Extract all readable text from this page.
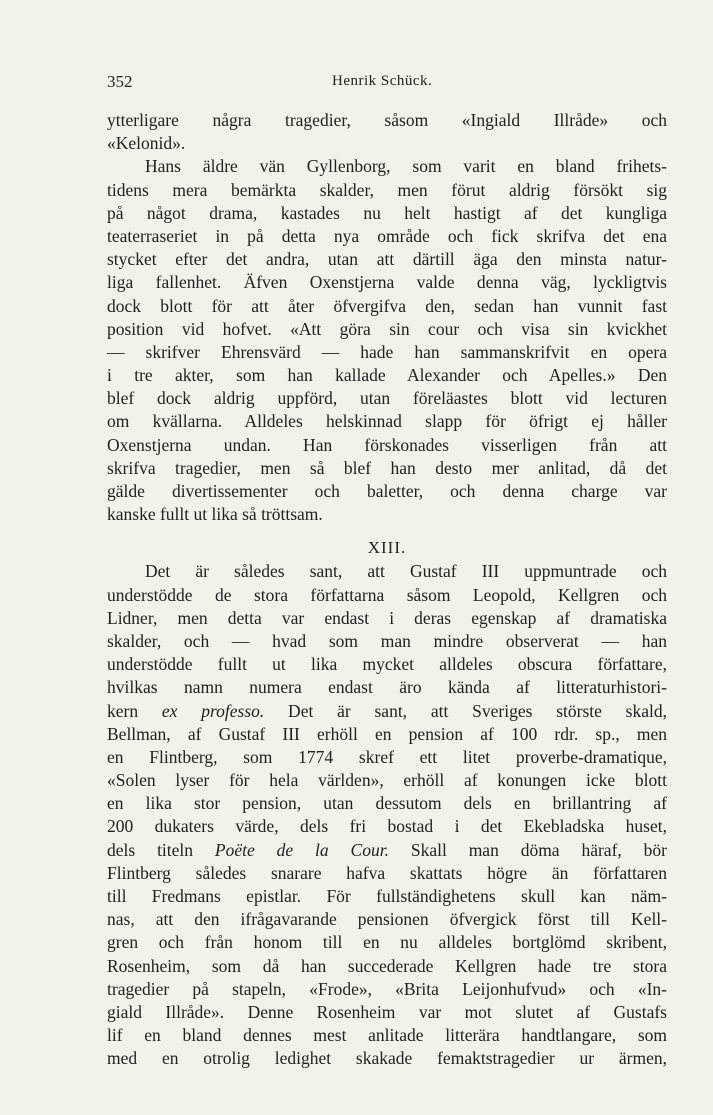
352	Henrik Schück.
ytterligare några tragedier, såsom «Ingiald Illråde» och
«Kelonid».
Hans äldre vän Gyllenborg, som varit en bland frihets-
tidens mera bemärkta skalder, men förut aldrig försökt sig
på något drama, kastades nu helt hastigt af det kungliga
teaterraseriet in på detta nya område och fick skrifva det ena
stycket efter det andra, utan att därtill äga den minsta natur-
liga fallenhet. Äfven Oxenstjerna valde denna väg, lyckligtvis
dock blott för att åter öfvergifva den, sedan han vunnit fast
position vid hofvet. «Att göra sin cour och visa sin kvickhet
— skrifver Ehrensvärd — hade han sammanskrifvit en opera
i tre akter, som han kallade Alexander och Apelles.» Den
blef dock aldrig uppförd, utan föreläastes blott vid lecturen
om kvällarna. Alldeles helskinnad slapp för öfrigt ej håller
Oxenstjerna undan. Han förskonades visserligen från att
skrifva tragedier, men så blef han desto mer anlitad, då det
gälde divertissementer och baletter, och denna charge var
kanske fullt ut lika så tröttsam.
XIII.
Det är således sant, att Gustaf III uppmuntrade och
understödde de stora författarna såsom Leopold, Kellgren och
Lidner, men detta var endast i deras egenskap af dramatiska
skalder, och — hvad som man mindre observerat — han
understödde fullt ut lika mycket alldeles obscura författare,
hvilkas namn numera endast äro kända af litteraturhistori-
kern ex professo. Det är sant, att Sveriges störste skald,
Bellman, af Gustaf III erhöll en pension af 100 rdr. sp., men
en Flintberg, som 1774 skref ett litet proverbe-dramatique,
«Solen lyser för hela världen», erhöll af konungen icke blott
en lika stor pension, utan dessutom dels en brillantring af
200 dukaters värde, dels fri bostad i det Ekebladska huset,
dels titeln Poëte de la Cour. Skall man döma häraf, bör
Flintberg således snarare hafva skattats högre än författaren
till Fredmans epistlar. För fullständighetens skull kan näm-
nas, att den ifrågavarande pensionen öfvergick först till Kell-
gren och från honom till en nu alldeles bortglömd skribent,
Rosenheim, som då han succederade Kellgren hade tre stora
tragedier på stapeln, «Frode», «Brita Leijonhufvud» och «In-
giald Illråde». Denne Rosenheim var mot slutet af Gustafs
lif en bland dennes mest anlitade litterära handtlangare, som
med en otrolig ledighet skakade femaktstragedier ur ärmen,
